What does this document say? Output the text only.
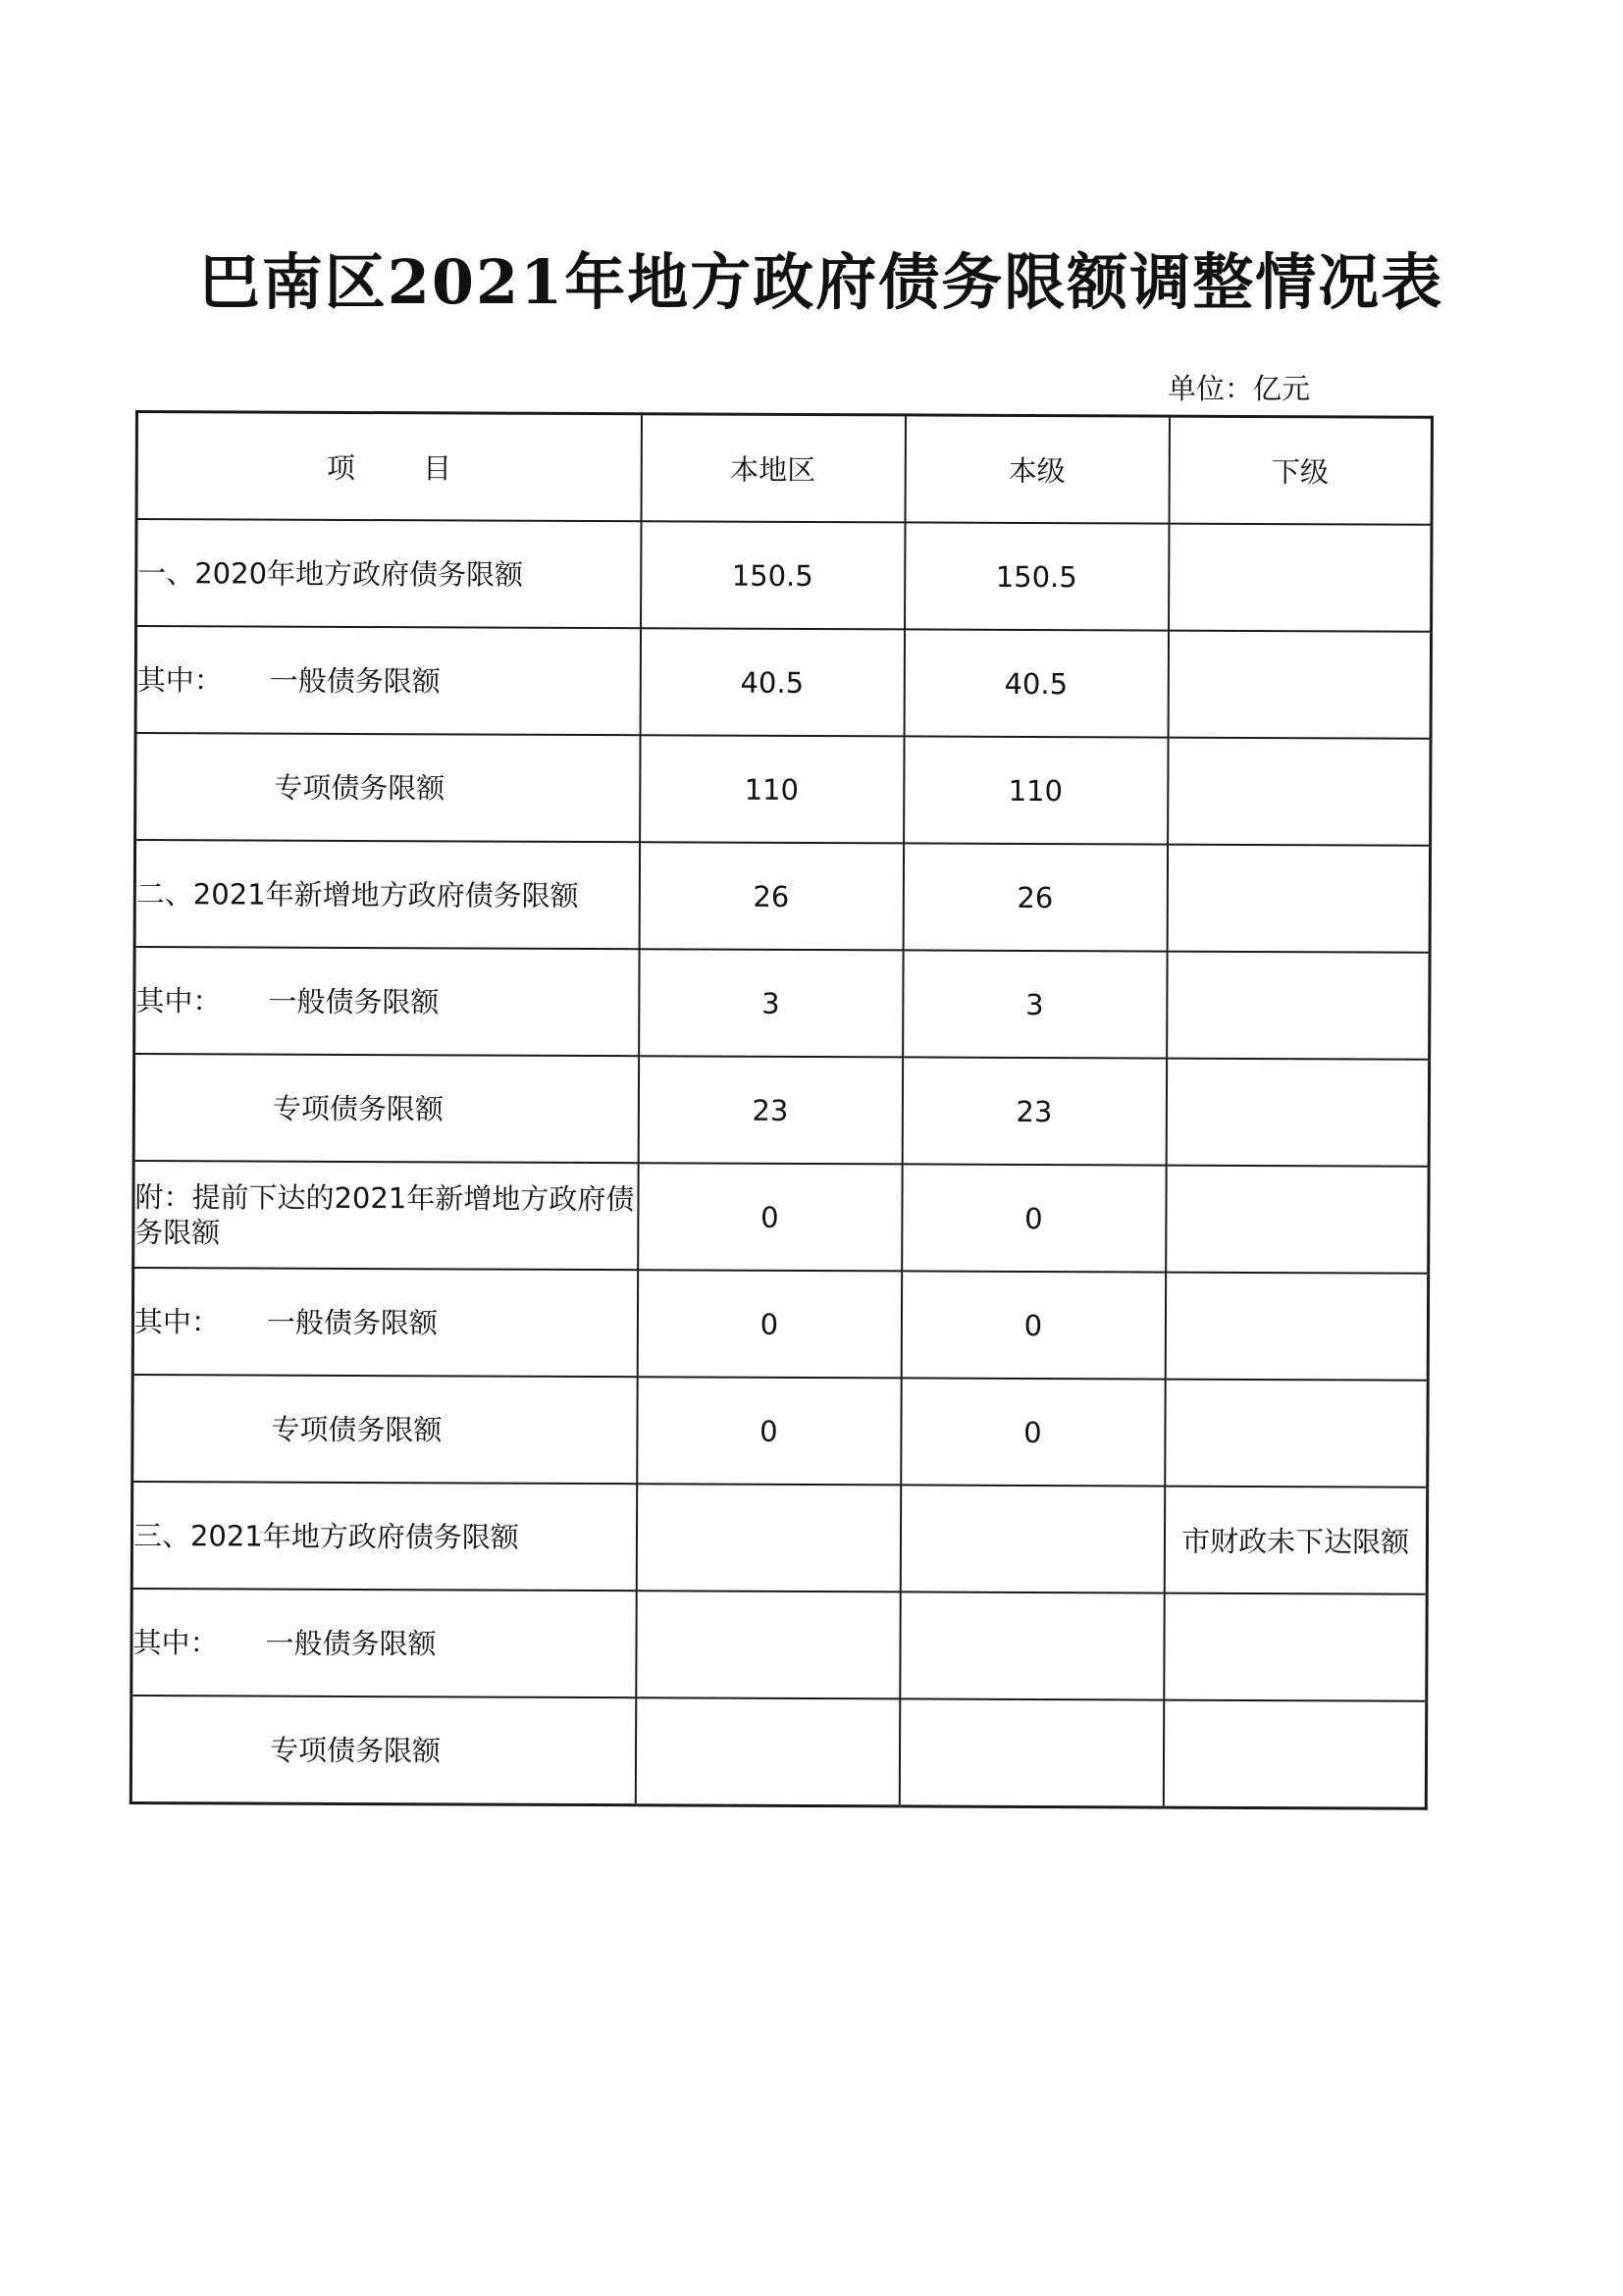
巴南区2021年地方政府债务限额调整情况表
单位：亿元
项 目	本地区	本级	下级
一、2020年地方政府债务限额	150.5	150.5	
其中： 一般债务限额	40.5	40.5	
专项债务限额	110	110	
二、2021年新增地方政府债务限额	26	26	
其中： 一般债务限额	3	3	
专项债务限额	23	23	
附：提前下达的2021年新增地方政府债务限额	0	0	
其中： 一般债务限额	0	0	
专项债务限额	0	0	
三、2021年地方政府债务限额			市财政未下达限额
其中： 一般债务限额			
专项债务限额			
